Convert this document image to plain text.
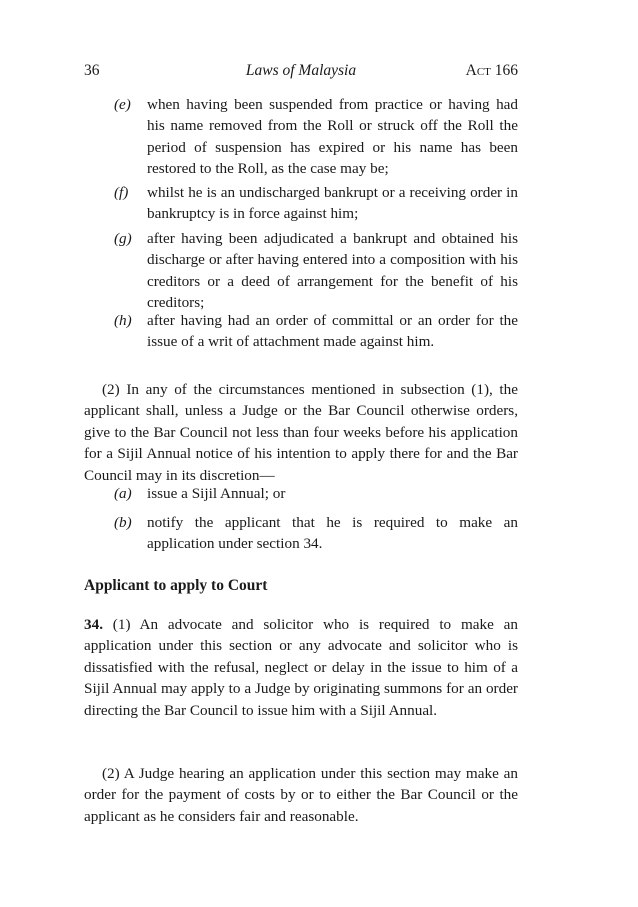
36	Laws of Malaysia	Act 166
(e)	when having been suspended from practice or having had his name removed from the Roll or struck off the Roll the period of suspension has expired or his name has been restored to the Roll, as the case may be;
(f)	whilst he is an undischarged bankrupt or a receiving order in bankruptcy is in force against him;
(g)	after having been adjudicated a bankrupt and obtained his discharge or after having entered into a composition with his creditors or a deed of arrangement for the benefit of his creditors;
(h)	after having had an order of committal or an order for the issue of a writ of attachment made against him.
(2) In any of the circumstances mentioned in subsection (1), the applicant shall, unless a Judge or the Bar Council otherwise orders, give to the Bar Council not less than four weeks before his application for a Sijil Annual notice of his intention to apply there for and the Bar Council may in its discretion—
(a)	issue a Sijil Annual; or
(b)	notify the applicant that he is required to make an application under section 34.
Applicant to apply to Court
34. (1) An advocate and solicitor who is required to make an application under this section or any advocate and solicitor who is dissatisfied with the refusal, neglect or delay in the issue to him of a Sijil Annual may apply to a Judge by originating summons for an order directing the Bar Council to issue him with a Sijil Annual.
(2) A Judge hearing an application under this section may make an order for the payment of costs by or to either the Bar Council or the applicant as he considers fair and reasonable.
